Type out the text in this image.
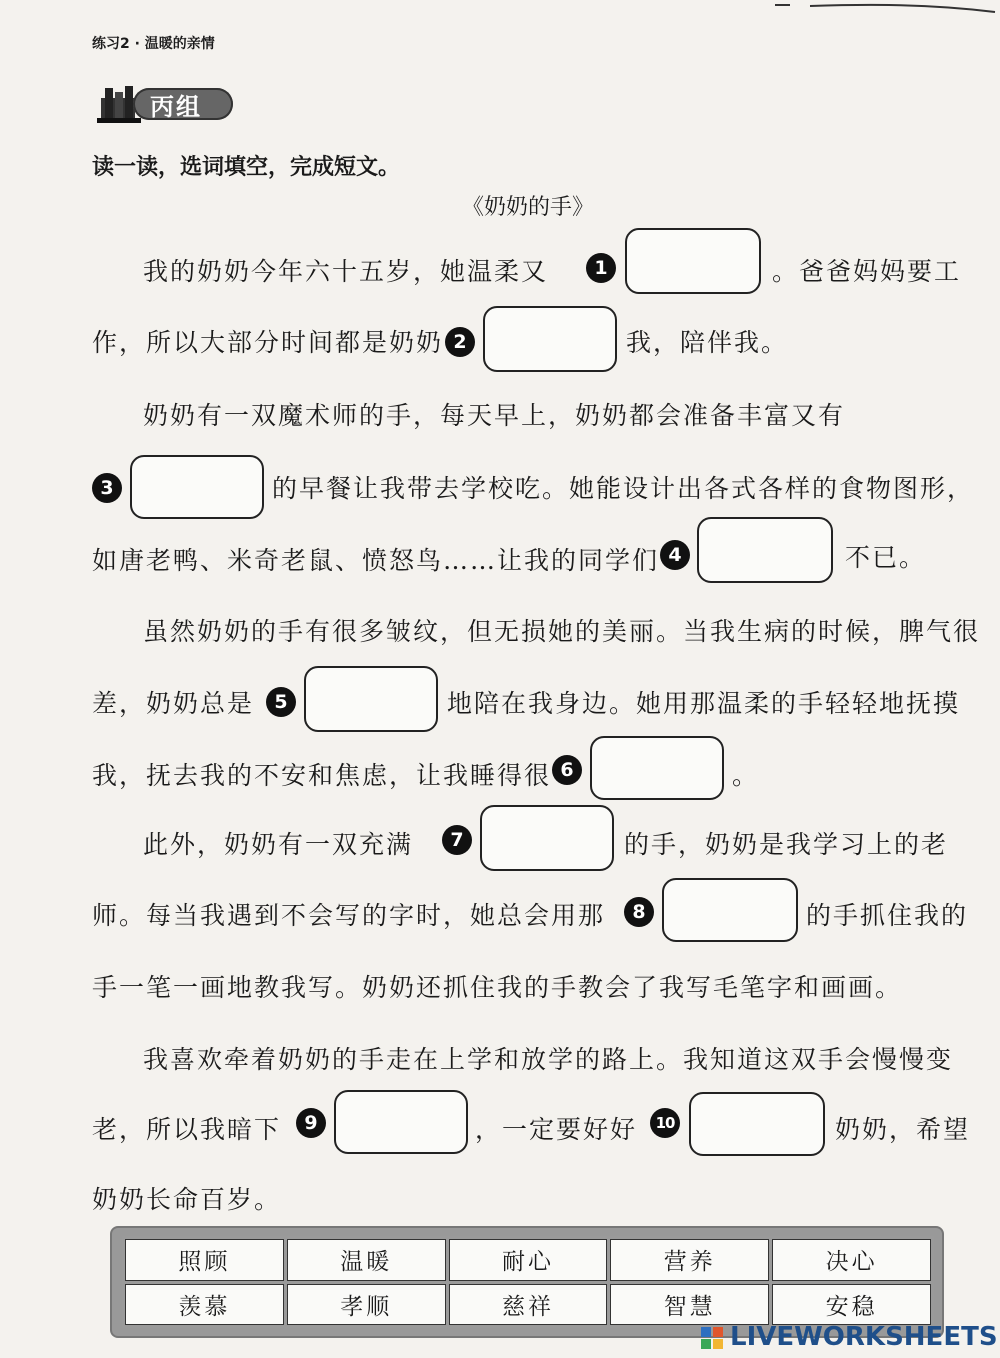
练习2 · 温暖的亲情
丙组
读一读，选词填空，完成短文。
《奶奶的手》
我的奶奶今年六十五岁，她温柔又	1	。爸爸妈妈要工
作，所以大部分时间都是奶奶 2	我，陪伴我。
奶奶有一双魔术师的手，每天早上，奶奶都会准备丰富又有
3	的早餐让我带去学校吃。她能设计出各式各样的食物图形，
如唐老鸭、米奇老鼠、愤怒鸟……让我的同学们 4	不已。
虽然奶奶的手有很多皱纹，但无损她的美丽。当我生病的时候，脾气很
差，奶奶总是	5	地陪在我身边。她用那温柔的手轻轻地抚摸
我，抚去我的不安和焦虑，让我睡得很 6	。
此外，奶奶有一双充满	7	的手，奶奶是我学习上的老
师。每当我遇到不会写的字时，她总会用那	8	的手抓住我的
手一笔一画地教我写。奶奶还抓住我的手教会了我写毛笔字和画画。
我喜欢牵着奶奶的手走在上学和放学的路上。我知道这双手会慢慢变
老，所以我暗下	9	，一定要好好	10	奶奶，希望
奶奶长命百岁。
照顾	温暖	耐心	营养	决心
羡慕	孝顺	慈祥	智慧	安稳
LIVEWORKSHEETS
